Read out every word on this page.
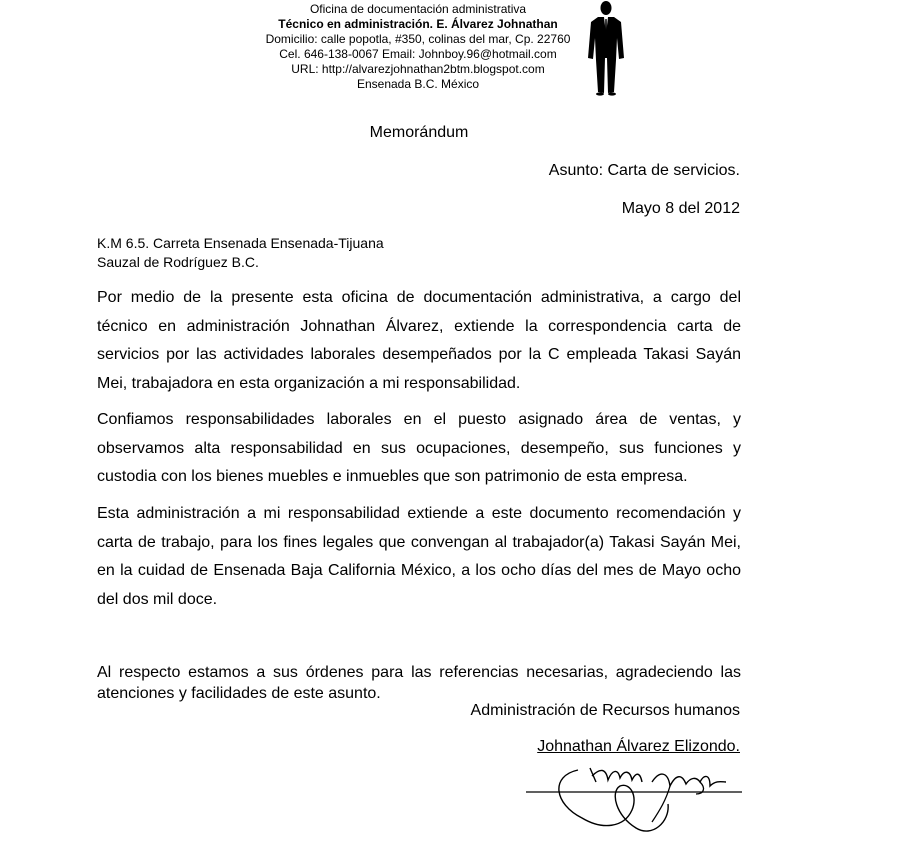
Oficina de documentación administrativa
Técnico en administración. E. Álvarez Johnathan
Domicilio: calle popotla, #350, colinas del mar, Cp. 22760
Cel. 646-138-0067 Email: Johnboy.96@hotmail.com
URL: http://alvarezjohnathan2btm.blogspot.com
Ensenada B.C. México
Memorándum
Asunto: Carta de servicios.
Mayo 8 del 2012
K.M 6.5. Carreta Ensenada Ensenada-Tijuana
Sauzal de Rodríguez B.C.

Por medio de la presente esta oficina de documentación administrativa, a cargo del técnico en administración Johnathan Álvarez, extiende la correspondencia carta de servicios por las actividades laborales desempeñados por la C empleada Takasi Sayán Mei, trabajadora en esta organización a mi responsabilidad.

Confiamos responsabilidades laborales en el puesto asignado área de ventas, y observamos alta responsabilidad en sus ocupaciones, desempeño, sus funciones y custodia con los bienes muebles e inmuebles que son patrimonio de esta empresa.

Esta administración a mi responsabilidad extiende a este documento recomendación y carta de trabajo, para los fines legales que convengan al trabajador(a) Takasi Sayán Mei, en la cuidad de Ensenada Baja California México, a los ocho días del mes de Mayo ocho del dos mil doce.

Al respecto estamos a sus órdenes para las referencias necesarias, agradeciendo las atenciones y facilidades de este asunto.

Administración de Recursos humanos
Johnathan Álvarez Elizondo.
